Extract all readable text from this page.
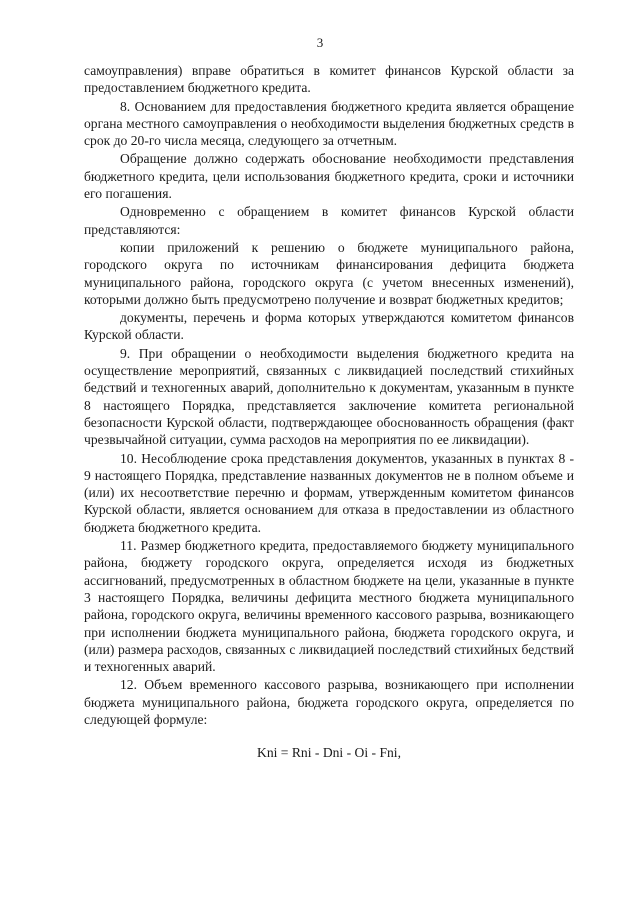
3

самоуправления) вправе обратиться в комитет финансов Курской области за предоставлением бюджетного кредита.

8. Основанием для предоставления бюджетного кредита является обращение органа местного самоуправления о необходимости выделения бюджетных средств в срок до 20-го числа месяца, следующего за отчетным.

Обращение должно содержать обоснование необходимости представления бюджетного кредита, цели использования бюджетного кредита, сроки и источники его погашения.

Одновременно с обращением в комитет финансов Курской области представляются:

копии приложений к решению о бюджете муниципального района, городского округа по источникам финансирования дефицита бюджета муниципального района, городского округа (с учетом внесенных изменений), которыми должно быть предусмотрено получение и возврат бюджетных кредитов;

документы, перечень и форма которых утверждаются комитетом финансов Курской области.

9. При обращении о необходимости выделения бюджетного кредита на осуществление мероприятий, связанных с ликвидацией последствий стихийных бедствий и техногенных аварий, дополнительно к документам, указанным в пункте 8 настоящего Порядка, представляется заключение комитета региональной безопасности Курской области, подтверждающее обоснованность обращения (факт чрезвычайной ситуации, сумма расходов на мероприятия по ее ликвидации).

10. Несоблюдение срока представления документов, указанных в пунктах 8 - 9 настоящего Порядка, представление названных документов не в полном объеме и (или) их несоответствие перечню и формам, утвержденным комитетом финансов Курской области, является основанием для отказа в предоставлении из областного бюджета бюджетного кредита.

11. Размер бюджетного кредита, предоставляемого бюджету муниципального района, бюджету городского округа, определяется исходя из бюджетных ассигнований, предусмотренных в областном бюджете на цели, указанные в пункте 3 настоящего Порядка, величины дефицита местного бюджета муниципального района, городского округа, величины временного кассового разрыва, возникающего при исполнении бюджета муниципального района, бюджета городского округа, и (или) размера расходов, связанных с ликвидацией последствий стихийных бедствий и техногенных аварий.

12. Объем временного кассового разрыва, возникающего при исполнении бюджета муниципального района, бюджета городского округа, определяется по следующей формуле:

Kni = Rni - Dni - Oi - Fni,
